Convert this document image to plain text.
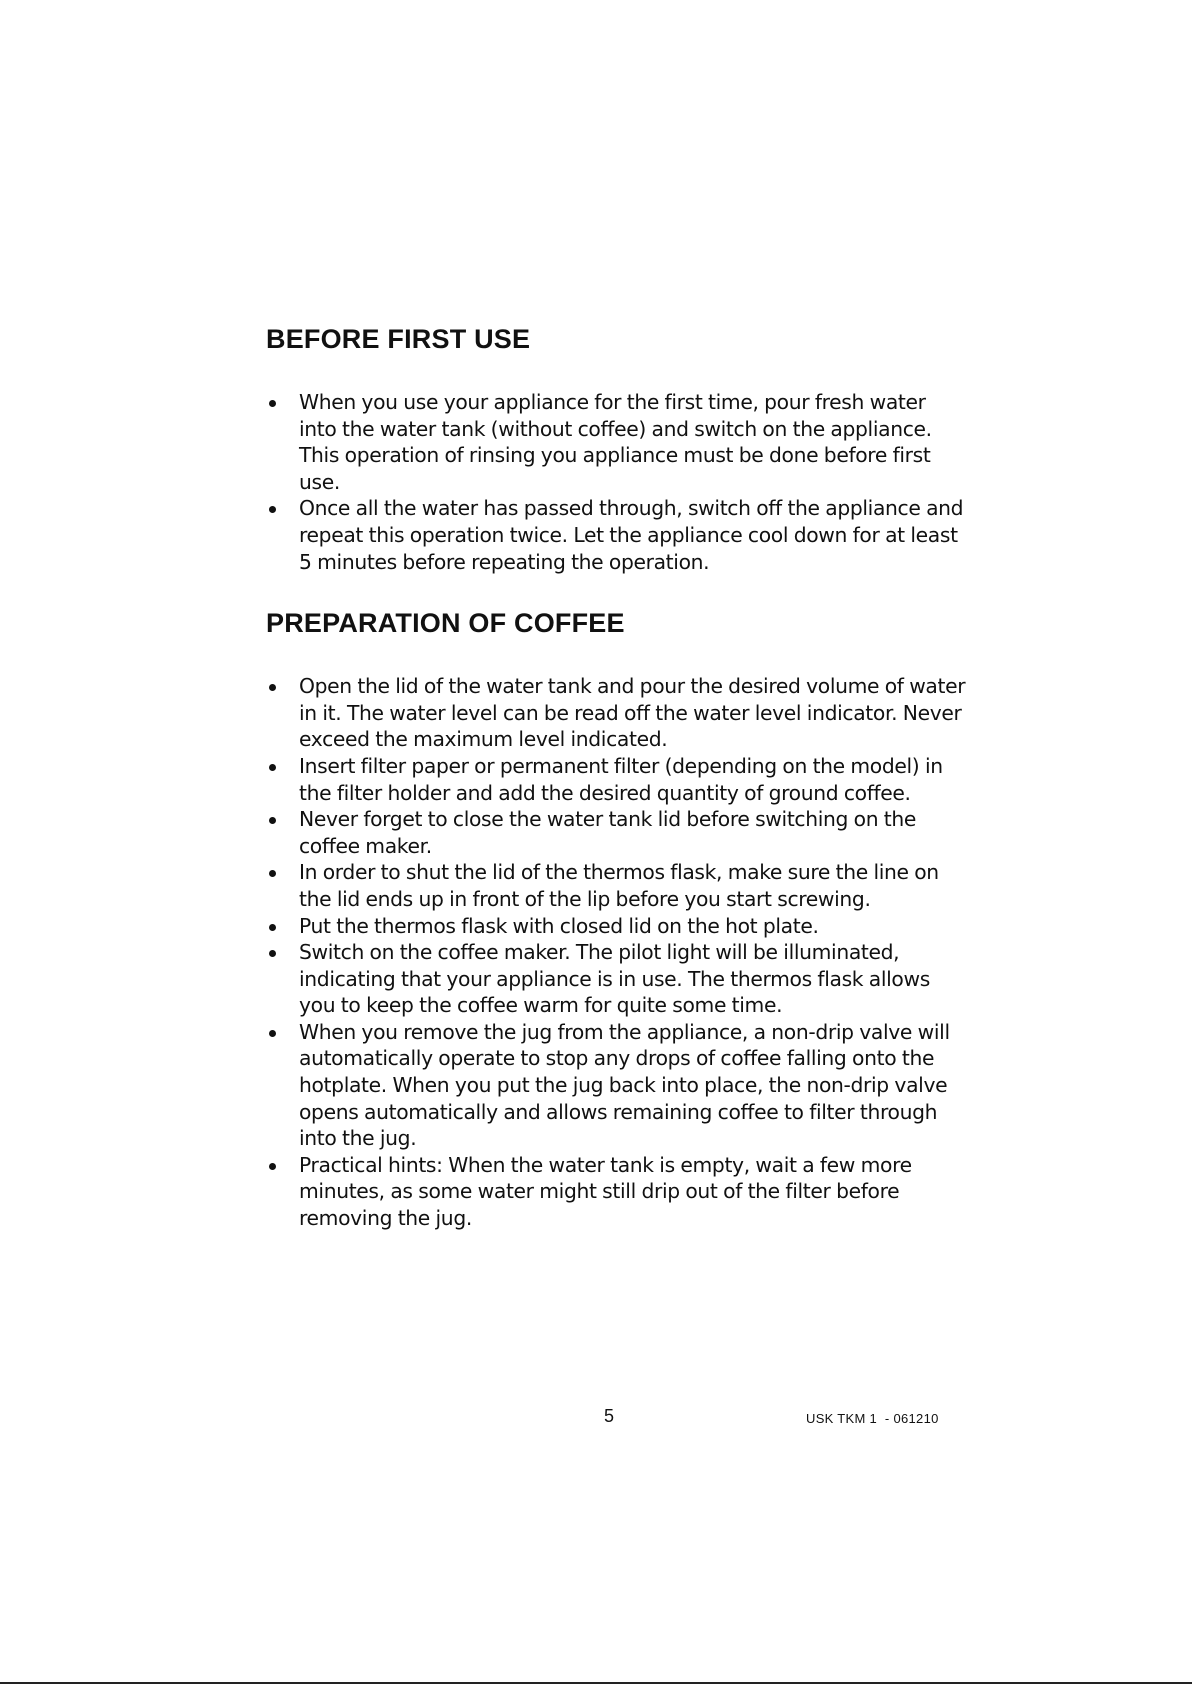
BEFORE FIRST USE
When you use your appliance for the first time, pour fresh water into the water tank (without coffee) and switch on the appliance. This operation of rinsing you appliance must be done before first use.
Once all the water has passed through, switch off the appliance and repeat this operation twice. Let the appliance cool down for at least 5 minutes before repeating the operation.
PREPARATION OF COFFEE
Open the lid of the water tank and pour the desired volume of water in it. The water level can be read off the water level indicator. Never exceed the maximum level indicated.
Insert filter paper or permanent filter (depending on the model) in the filter holder and add the desired quantity of ground coffee.
Never forget to close the water tank lid before switching on the coffee maker.
In order to shut the lid of the thermos flask, make sure the line on the lid ends up in front of the lip before you start screwing.
Put the thermos flask with closed lid on the hot plate.
Switch on the coffee maker. The pilot light will be illuminated, indicating that your appliance is in use. The thermos flask allows you to keep the coffee warm for quite some time.
When you remove the jug from the appliance, a non-drip valve will automatically operate to stop any drops of coffee falling onto the hotplate. When you put the jug back into place, the non-drip valve opens automatically and allows remaining coffee to filter through into the jug.
Practical hints: When the water tank is empty, wait a few more minutes, as some water might still drip out of the filter before removing the jug.
5	USK TKM 1  - 061210
